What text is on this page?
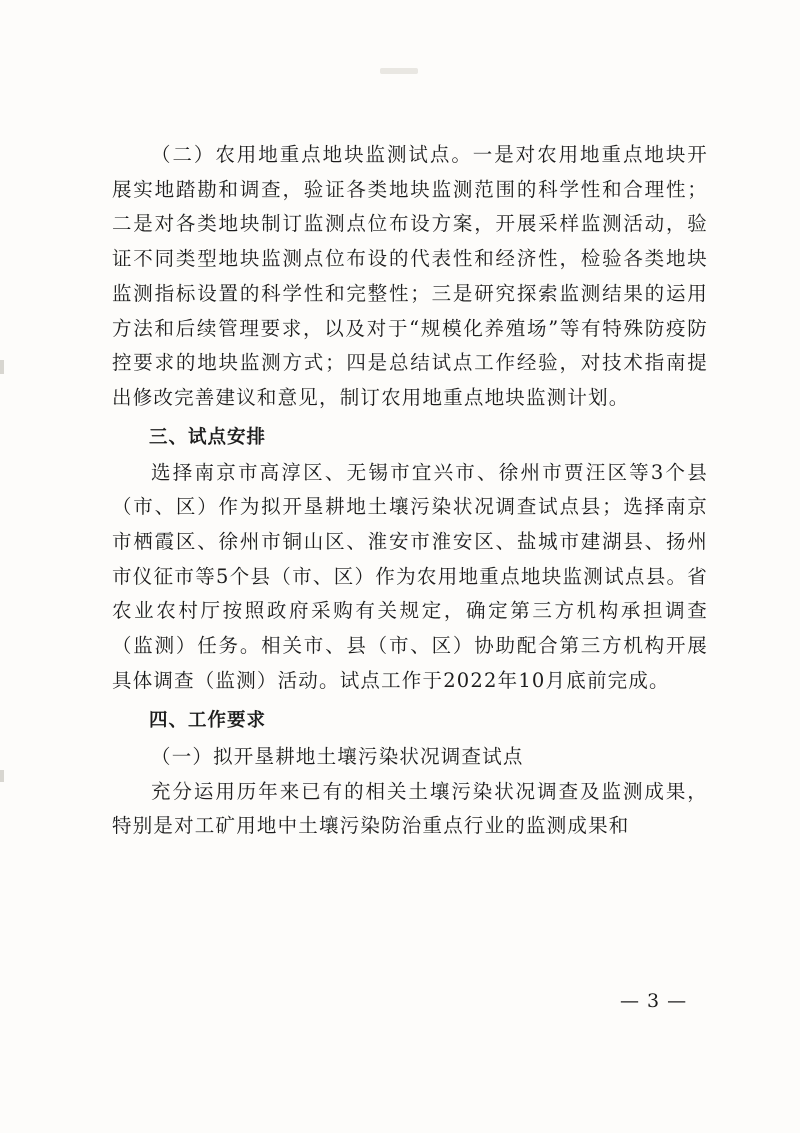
（二）农用地重点地块监测试点。一是对农用地重点地块开展实地踏勘和调查，验证各类地块监测范围的科学性和合理性；二是对各类地块制订监测点位布设方案，开展采样监测活动，验证不同类型地块监测点位布设的代表性和经济性，检验各类地块监测指标设置的科学性和完整性；三是研究探索监测结果的运用方法和后续管理要求，以及对于“规模化养殖场”等有特殊防疫防控要求的地块监测方式；四是总结试点工作经验，对技术指南提出修改完善建议和意见，制订农用地重点地块监测计划。

三、试点安排

选择南京市高淳区、无锡市宜兴市、徐州市贾汪区等3个县（市、区）作为拟开垦耕地土壤污染状况调查试点县；选择南京市栖霞区、徐州市铜山区、淮安市淮安区、盐城市建湖县、扬州市仪征市等5个县（市、区）作为农用地重点地块监测试点县。省农业农村厅按照政府采购有关规定，确定第三方机构承担调查（监测）任务。相关市、县（市、区）协助配合第三方机构开展具体调查（监测）活动。试点工作于2022年10月底前完成。

四、工作要求
（一）拟开垦耕地土壤污染状况调查试点

充分运用历年来已有的相关土壤污染状况调查及监测成果，特别是对工矿用地中土壤污染防治重点行业的监测成果和

— 3 —
